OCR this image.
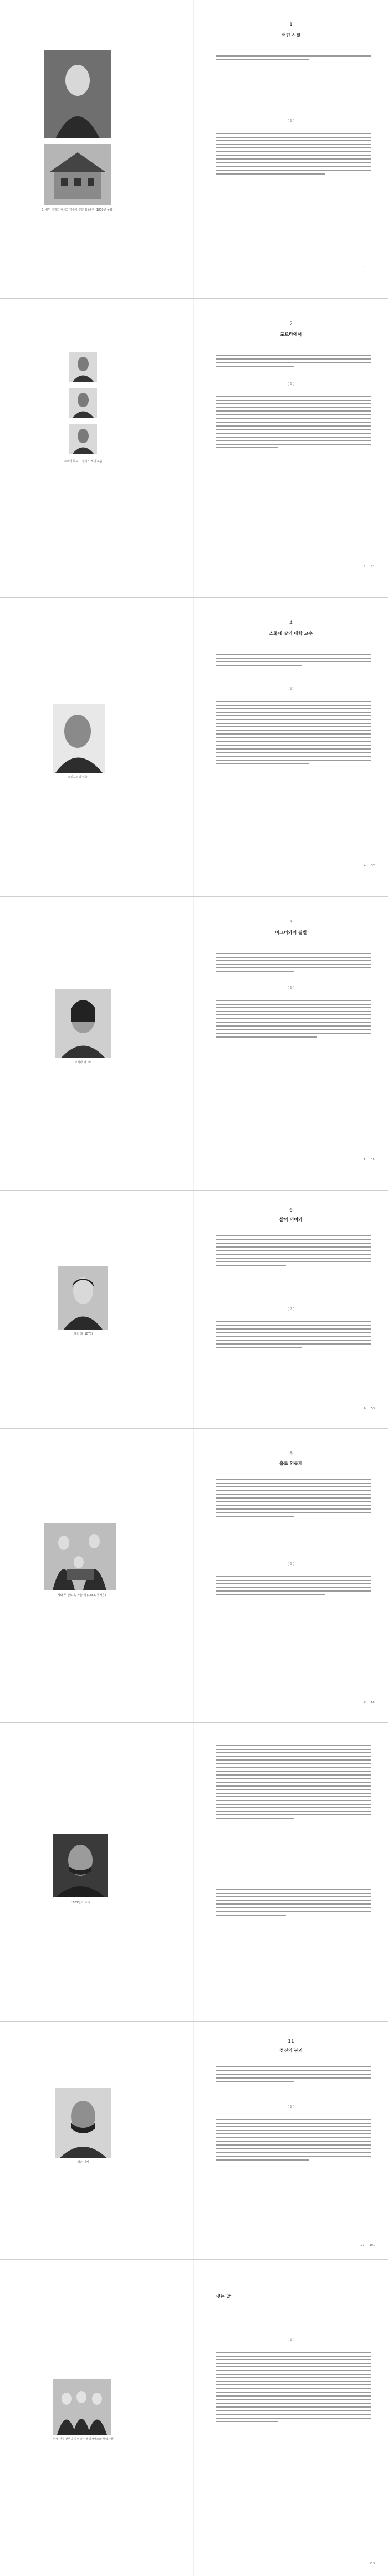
1. 유년 시절의 니체와 가족이 살던 집 (추정, 1850년 무렵)
1
어린 시절
( 1 )
1 11
포르타 학교 시절의 니체의 모습
2
포르타에서
( 1 )
2 21
프리드리히 리출
4
스물네 살의 대학 교수
( 1 )
4 37
코지마 바그너
5
바그너와의 결별
( 1 )
5 45
파울 레 (1870)
6
삶의 의미와
( 2 )
6 53
니체와 루 살로메, 파울 레 (1882, 루체른)
9
홀로 외롭게
( 1 )
9 65
1882년의 니체
병든 니체
11
정신의 붕괴
( 1 )
11 101
니체 전집 간행을 준비하는 엘리자베트와 협력자들
맺는 말
( 1 )
113
